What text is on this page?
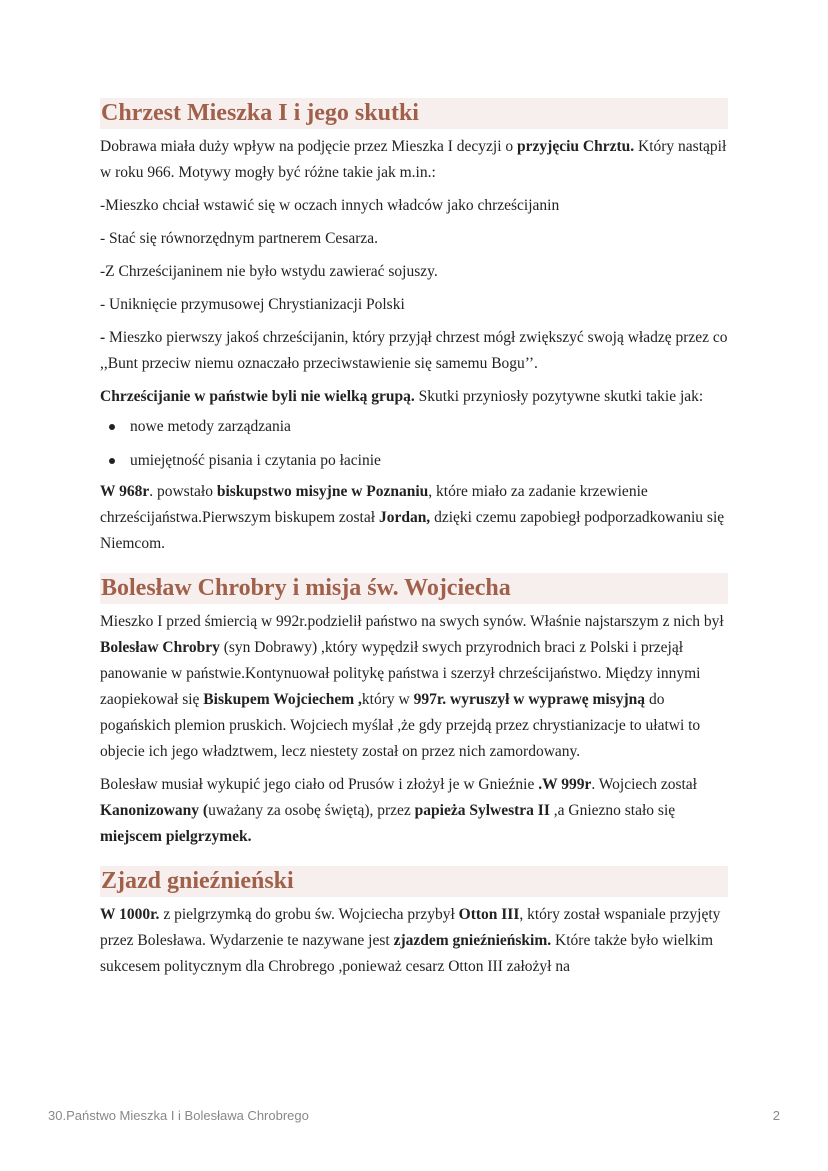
Chrzest Mieszka I i jego skutki

Dobrawa miała duży wpływ na podjęcie przez Mieszka I decyzji o przyjęciu Chrztu. Który nastąpił w roku 966. Motywy mogły być różne takie jak m.in.:

-Mieszko chciał wstawić się w oczach innych władców jako chrześcijanin

- Stać się równorzędnym partnerem Cesarza.

-Z Chrześcijaninem nie było wstydu zawierać sojuszy.

- Uniknięcie przymusowej Chrystianizacji Polski

- Mieszko pierwszy jakoś chrześcijanin, który przyjął chrzest mógł zwiększyć swoją władzę przez co ,,Bunt przeciw niemu oznaczało przeciwstawienie się samemu Bogu’’.

Chrześcijanie w państwie byli nie wielką grupą. Skutki przyniosły pozytywne skutki takie jak:

nowe metody zarządzania
umiejętność pisania i czytania po łacinie

W 968r. powstało biskupstwo misyjne w Poznaniu, które miało za zadanie krzewienie chrześcijaństwa.Pierwszym biskupem został Jordan, dzięki czemu zapobiegł podporzadkowaniu się Niemcom.

Bolesław Chrobry i misja św. Wojciecha

Mieszko I przed śmiercią w 992r.podzielił państwo na swych synów. Właśnie najstarszym z nich był Bolesław Chrobry (syn Dobrawy) ,który wypędził swych przyrodnich braci z Polski i przejął panowanie w państwie.Kontynuował politykę państwa i szerzył chrześcijaństwo. Między innymi zaopiekował się Biskupem Wojciechem ,który w 997r. wyruszył w wyprawę misyjną do pogańskich plemion pruskich. Wojciech myślał ,że gdy przejdą przez chrystianizacje to ułatwi to objecie ich jego władztwem, lecz niestety został on przez nich zamordowany.

Bolesław musiał wykupić jego ciało od Prusów i złożył je w Gnieźnie .W 999r. Wojciech został Kanonizowany (uważany za osobę świętą), przez papieża Sylwestra II ,a Gniezno stało się miejscem pielgrzymek.

Zjazd gnieźnieński

W 1000r. z pielgrzymką do grobu św. Wojciecha przybył Otton III, który został wspaniale przyjęty przez Bolesława. Wydarzenie te nazywane jest zjazdem gnieźnieńskim. Które także było wielkim sukcesem politycznym dla Chrobrego ,ponieważ cesarz Otton III założył na

30.Państwo Mieszka I i Bolesława Chrobrego	2
